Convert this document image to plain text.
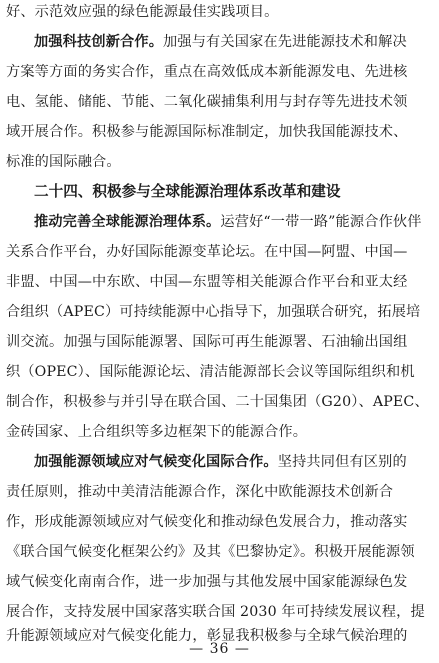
好、示范效应强的绿色能源最佳实践项目。
加强科技创新合作。加强与有关国家在先进能源技术和解决
方案等方面的务实合作，重点在高效低成本新能源发电、先进核
电、氢能、储能、节能、二氧化碳捕集利用与封存等先进技术领
域开展合作。积极参与能源国际标准制定，加快我国能源技术、
标准的国际融合。
二十四、积极参与全球能源治理体系改革和建设
推动完善全球能源治理体系。运营好“一带一路”能源合作伙伴
关系合作平台，办好国际能源变革论坛。在中国—阿盟、中国—
非盟、中国—中东欧、中国—东盟等相关能源合作平台和亚太经
合组织（APEC）可持续能源中心指导下，加强联合研究，拓展培
训交流。加强与国际能源署、国际可再生能源署、石油输出国组
织（OPEC）、国际能源论坛、清洁能源部长会议等国际组织和机
制合作，积极参与并引导在联合国、二十国集团（G20）、APEC、
金砖国家、上合组织等多边框架下的能源合作。
加强能源领域应对气候变化国际合作。坚持共同但有区别的
责任原则，推动中美清洁能源合作，深化中欧能源技术创新合
作，形成能源领域应对气候变化和推动绿色发展合力，推动落实
《联合国气候变化框架公约》及其《巴黎协定》。积极开展能源领
域气候变化南南合作，进一步加强与其他发展中国家能源绿色发
展合作，支持发展中国家落实联合国 2030 年可持续发展议程，提
升能源领域应对气候变化能力，彰显我积极参与全球气候治理的
— 36 —
